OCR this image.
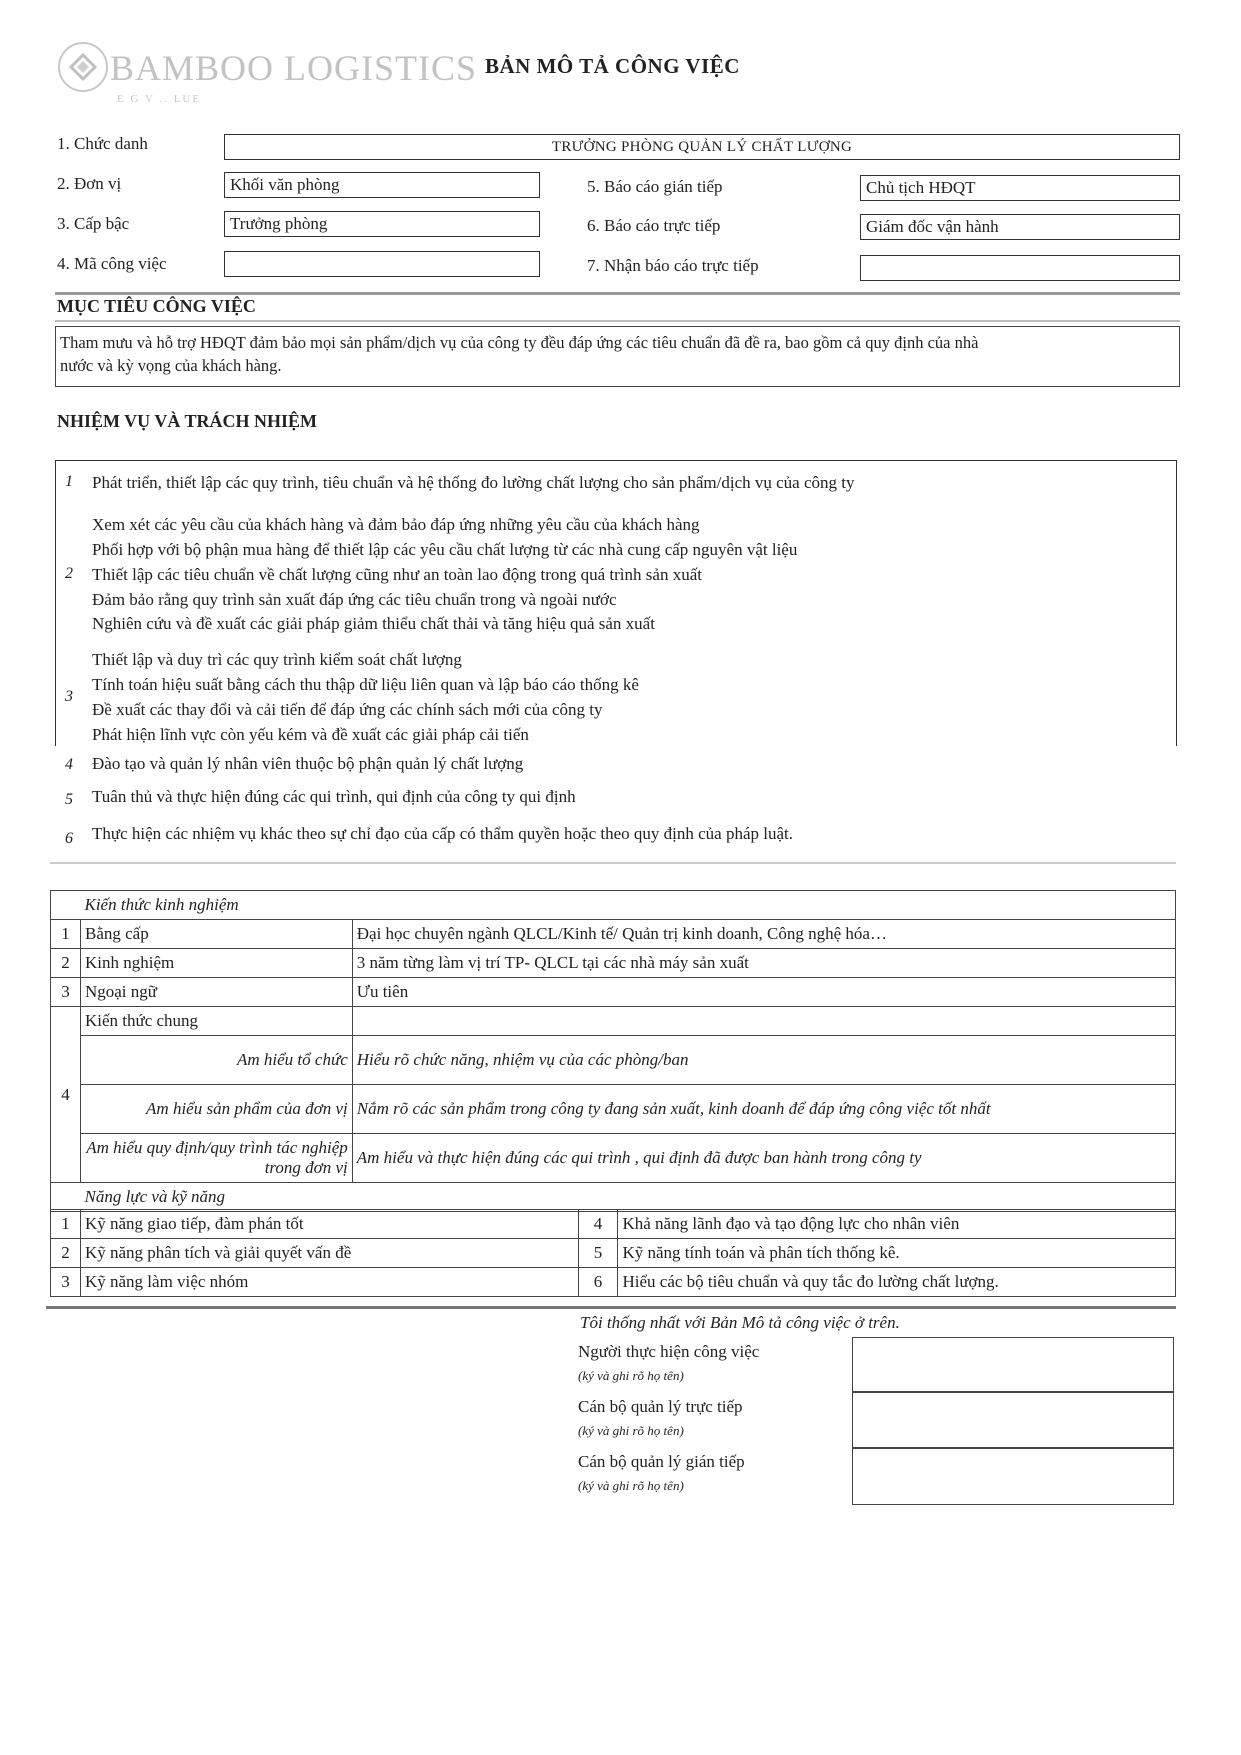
BAMBOO LOGISTICS
E G V .. LUE
BẢN MÔ TẢ CÔNG VIỆC
1. Chức danh	TRƯỞNG PHÒNG QUẢN LÝ CHẤT LƯỢNG
2. Đơn vị	Khối văn phòng
3. Cấp bậc	Trưởng phòng
4. Mã công việc
5. Báo cáo gián tiếp	Chủ tịch HĐQT
6. Báo cáo trực tiếp	Giám đốc vận hành
7. Nhận báo cáo trực tiếp
MỤC TIÊU CÔNG VIỆC
Tham mưu và hỗ trợ HĐQT đảm bảo mọi sản phẩm/dịch vụ của công ty đều đáp ứng các tiêu chuẩn đã đề ra, bao gồm cả quy định của nhà
nước và kỳ vọng của khách hàng.
NHIỆM VỤ VÀ TRÁCH NHIỆM
1 Phát triển, thiết lập các quy trình, tiêu chuẩn và hệ thống đo lường chất lượng cho sản phẩm/dịch vụ của công ty
2
Xem xét các yêu cầu của khách hàng và đảm bảo đáp ứng những yêu cầu của khách hàng
Phối hợp với bộ phận mua hàng để thiết lập các yêu cầu chất lượng từ các nhà cung cấp nguyên vật liệu
Thiết lập các tiêu chuẩn về chất lượng cũng như an toàn lao động trong quá trình sản xuất
Đảm bảo rằng quy trình sản xuất đáp ứng các tiêu chuẩn trong và ngoài nước
Nghiên cứu và đề xuất các giải pháp giảm thiểu chất thải và tăng hiệu quả sản xuất
3
Thiết lập và duy trì các quy trình kiểm soát chất lượng
Tính toán hiệu suất bằng cách thu thập dữ liệu liên quan và lập báo cáo thống kê
Đề xuất các thay đổi và cải tiến để đáp ứng các chính sách mới của công ty
Phát hiện lĩnh vực còn yếu kém và đề xuất các giải pháp cải tiến
4 Đào tạo và quản lý nhân viên thuộc bộ phận quản lý chất lượng
5 Tuân thủ và thực hiện đúng các qui trình, qui định của công ty qui định
6 Thực hiện các nhiệm vụ khác theo sự chỉ đạo của cấp có thẩm quyền hoặc theo quy định của pháp luật.
	Kiến thức kinh nghiệm	
1	Bằng cấp	Đại học chuyên ngành QLCL/Kinh tế/ Quản trị kinh doanh, Công nghệ hóa…
2	Kinh nghiệm	3 năm từng làm vị trí TP- QLCL tại các nhà máy sản xuất
3	Ngoại ngữ	Ưu tiên
4	Kiến thức chung	
	Am hiểu tổ chức	Hiểu rõ chức năng, nhiệm vụ của các phòng/ban
	Am hiểu sản phẩm của đơn vị	Nắm rõ các sản phẩm trong công ty đang sản xuất, kinh doanh để đáp ứng công việc tốt nhất
	Am hiểu quy định/quy trình tác nghiệp trong đơn vị	Am hiểu và thực hiện đúng các qui trình , qui định đã được ban hành trong công ty
	Năng lực và kỹ năng	
1	Kỹ năng giao tiếp, đàm phán tốt	4	Khả năng lãnh đạo và tạo động lực cho nhân viên
2	Kỹ năng phân tích và giải quyết vấn đề	5	Kỹ năng tính toán và phân tích thống kê.
3	Kỹ năng làm việc nhóm	6	Hiểu các bộ tiêu chuẩn và quy tắc đo lường chất lượng.
Tôi thống nhất với Bản Mô tả công việc ở trên.
Người thực hiện công việc
(ký và ghi rõ họ tên)
Cán bộ quản lý trực tiếp
(ký và ghi rõ họ tên)
Cán bộ quản lý gián tiếp
(ký và ghi rõ họ tên)
